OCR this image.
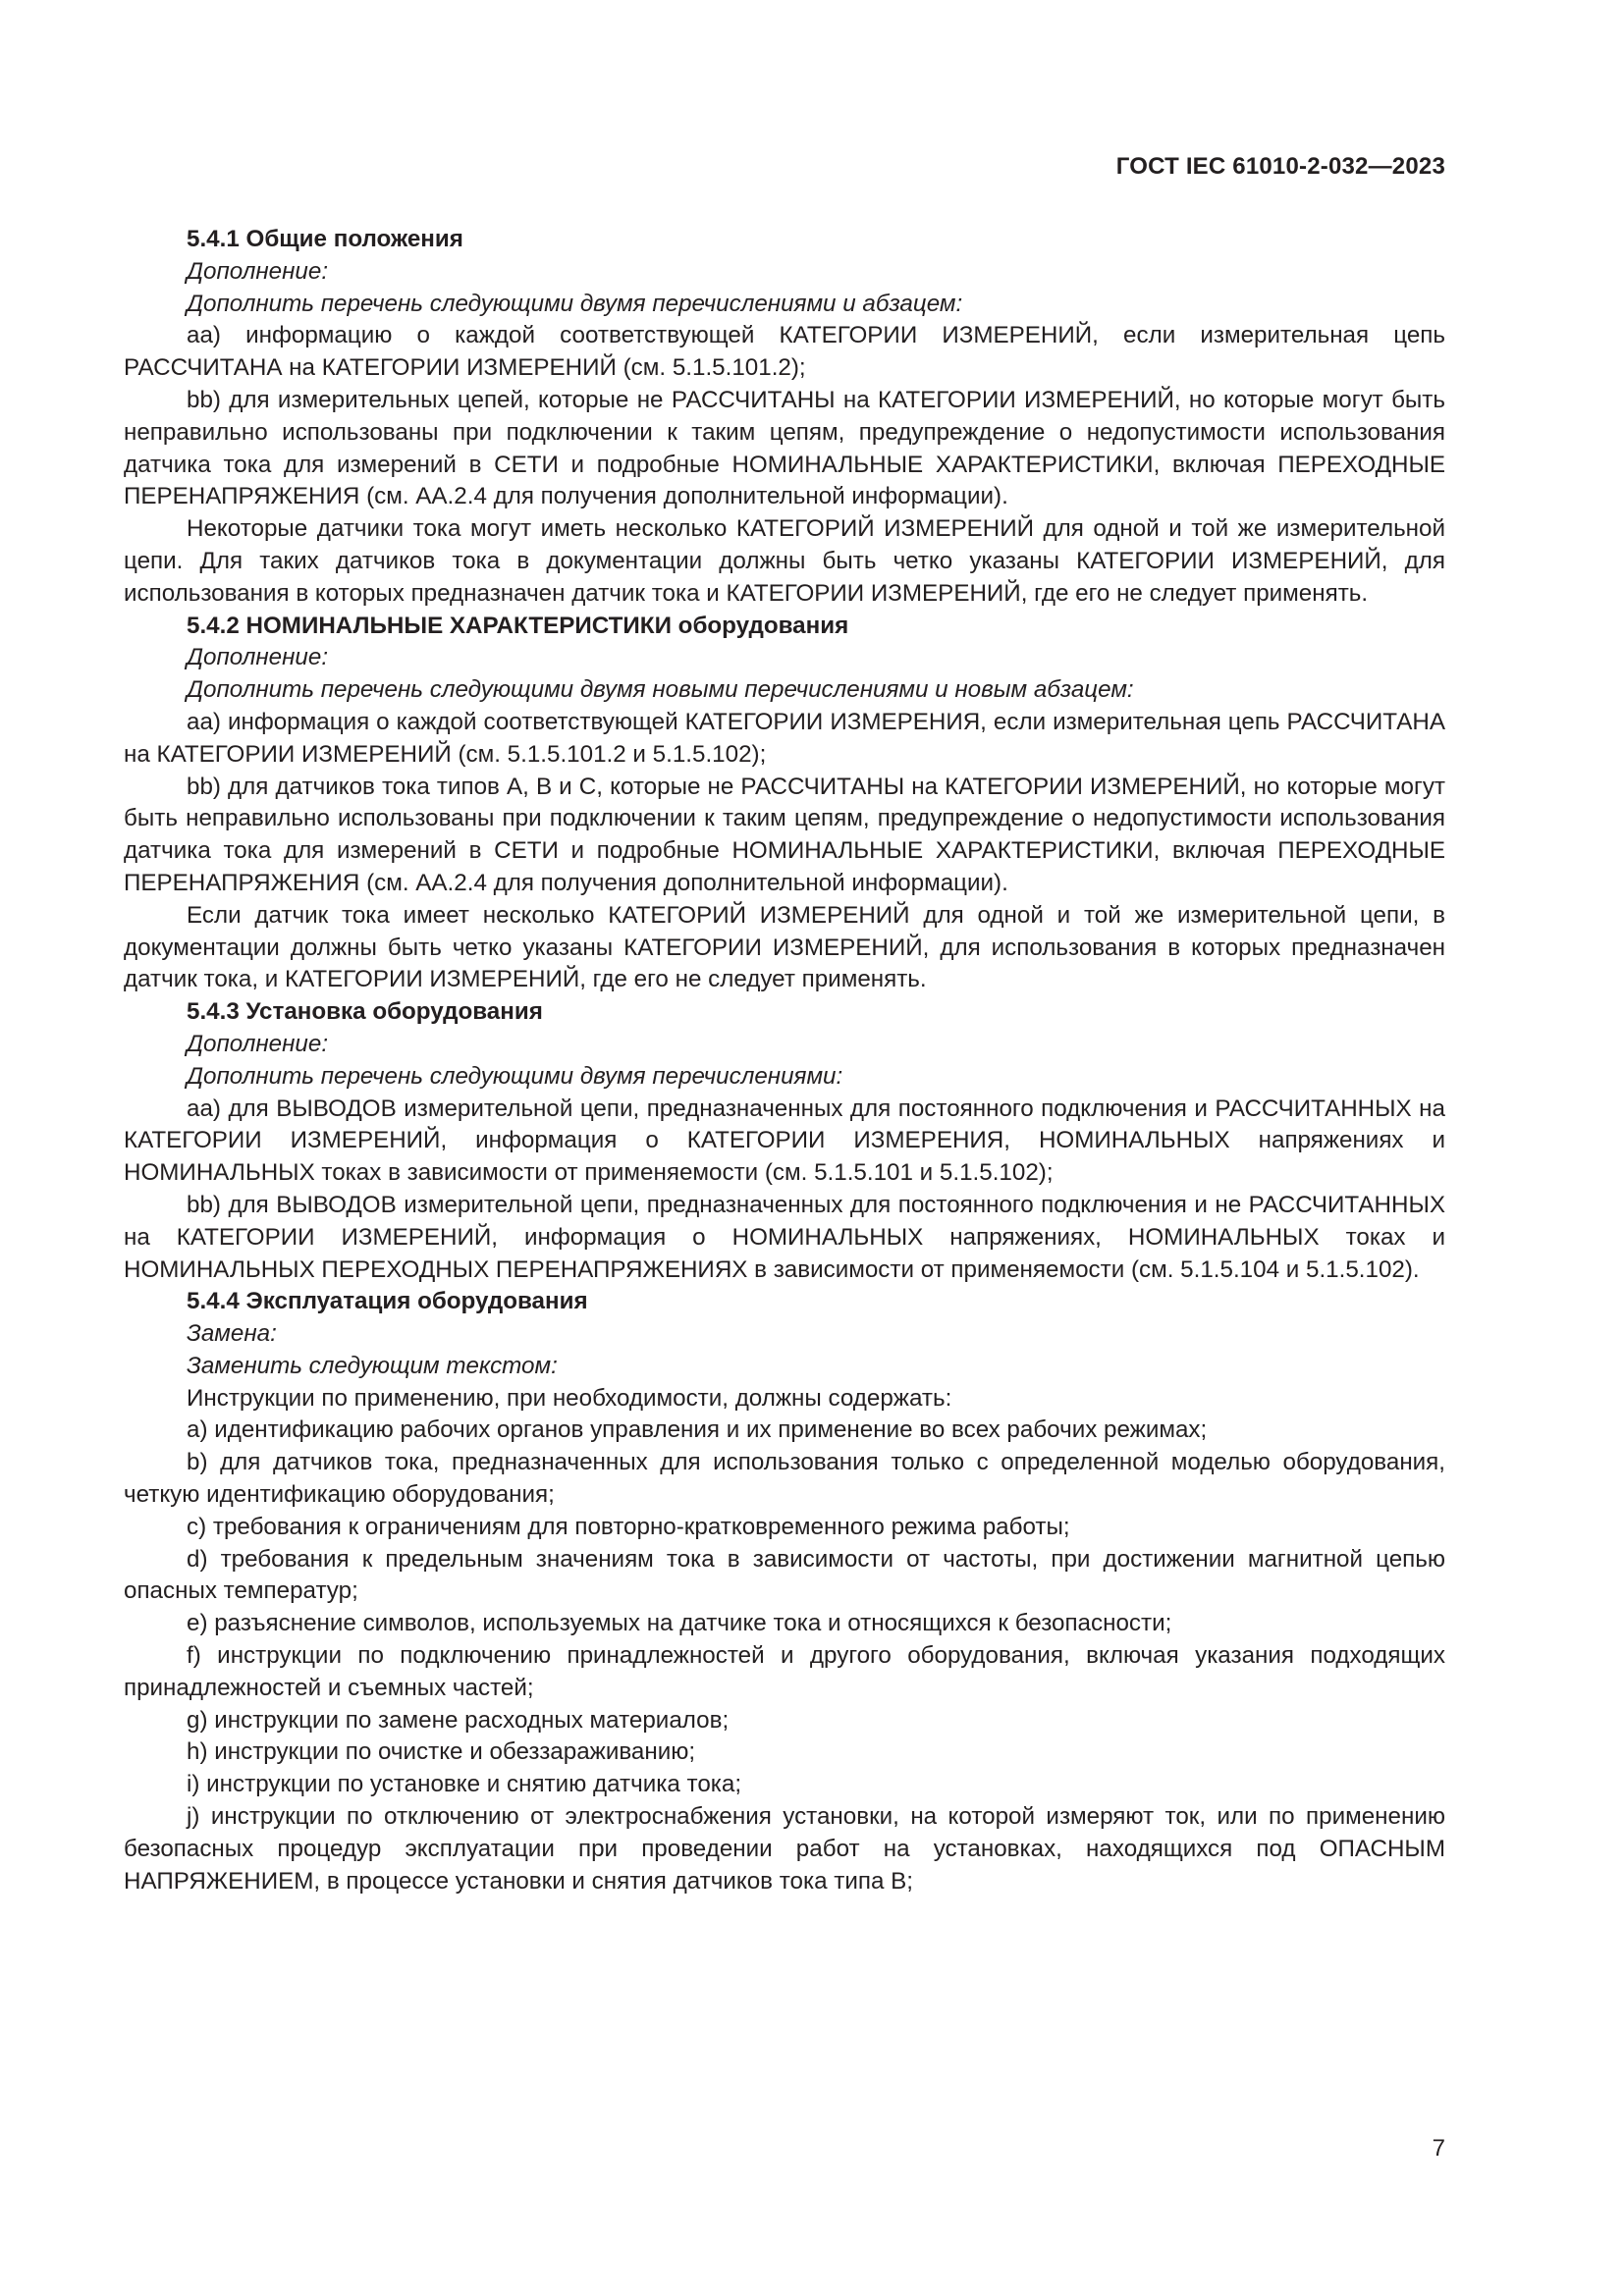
ГОСТ IEC 61010-2-032—2023

5.4.1 Общие положения

Дополнение:

Дополнить перечень следующими двумя перечислениями и абзацем:

аа) информацию о каждой соответствующей КАТЕГОРИИ ИЗМЕРЕНИЙ, если измерительная цепь РАССЧИТАНА на КАТЕГОРИИ ИЗМЕРЕНИЙ (см. 5.1.5.101.2);

bb) для измерительных цепей, которые не РАССЧИТАНЫ на КАТЕГОРИИ ИЗМЕРЕНИЙ, но которые могут быть неправильно использованы при подключении к таким цепям, предупреждение о недопустимости использования датчика тока для измерений в СЕТИ и подробные НОМИНАЛЬНЫЕ ХАРАКТЕРИСТИКИ, включая ПЕРЕХОДНЫЕ ПЕРЕНАПРЯЖЕНИЯ (см. АА.2.4 для получения дополнительной информации).

Некоторые датчики тока могут иметь несколько КАТЕГОРИЙ ИЗМЕРЕНИЙ для одной и той же измерительной цепи. Для таких датчиков тока в документации должны быть четко указаны КАТЕГОРИИ ИЗМЕРЕНИЙ, для использования в которых предназначен датчик тока и КАТЕГОРИИ ИЗМЕРЕНИЙ, где его не следует применять.

5.4.2 НОМИНАЛЬНЫЕ ХАРАКТЕРИСТИКИ оборудования

Дополнение:

Дополнить перечень следующими двумя новыми перечислениями и новым абзацем:

аа) информация о каждой соответствующей КАТЕГОРИИ ИЗМЕРЕНИЯ, если измерительная цепь РАССЧИТАНА на КАТЕГОРИИ ИЗМЕРЕНИЙ (см. 5.1.5.101.2 и 5.1.5.102);

bb) для датчиков тока типов А, В и С, которые не РАССЧИТАНЫ на КАТЕГОРИИ ИЗМЕРЕНИЙ, но которые могут быть неправильно использованы при подключении к таким цепям, предупреждение о недопустимости использования датчика тока для измерений в СЕТИ и подробные НОМИНАЛЬНЫЕ ХАРАКТЕРИСТИКИ, включая ПЕРЕХОДНЫЕ ПЕРЕНАПРЯЖЕНИЯ (см. АА.2.4 для получения дополнительной информации).

Если датчик тока имеет несколько КАТЕГОРИЙ ИЗМЕРЕНИЙ для одной и той же измерительной цепи, в документации должны быть четко указаны КАТЕГОРИИ ИЗМЕРЕНИЙ, для использования в которых предназначен датчик тока, и КАТЕГОРИИ ИЗМЕРЕНИЙ, где его не следует применять.

5.4.3 Установка оборудования

Дополнение:

Дополнить перечень следующими двумя перечислениями:

аа) для ВЫВОДОВ измерительной цепи, предназначенных для постоянного подключения и РАССЧИТАННЫХ на КАТЕГОРИИ ИЗМЕРЕНИЙ, информация о КАТЕГОРИИ ИЗМЕРЕНИЯ, НОМИНАЛЬНЫХ напряжениях и НОМИНАЛЬНЫХ токах в зависимости от применяемости (см. 5.1.5.101 и 5.1.5.102);

bb) для ВЫВОДОВ измерительной цепи, предназначенных для постоянного подключения и не РАССЧИТАННЫХ на КАТЕГОРИИ ИЗМЕРЕНИЙ, информация о НОМИНАЛЬНЫХ напряжениях, НОМИНАЛЬНЫХ токах и НОМИНАЛЬНЫХ ПЕРЕХОДНЫХ ПЕРЕНАПРЯЖЕНИЯХ в зависимости от применяемости (см. 5.1.5.104 и 5.1.5.102).

5.4.4 Эксплуатация оборудования

Замена:

Заменить следующим текстом:

Инструкции по применению, при необходимости, должны содержать:

а) идентификацию рабочих органов управления и их применение во всех рабочих режимах;

b) для датчиков тока, предназначенных для использования только с определенной моделью оборудования, четкую идентификацию оборудования;

с) требования к ограничениям для повторно-кратковременного режима работы;

d) требования к предельным значениям тока в зависимости от частоты, при достижении магнитной цепью опасных температур;

е) разъяснение символов, используемых на датчике тока и относящихся к безопасности;

f) инструкции по подключению принадлежностей и другого оборудования, включая указания подходящих принадлежностей и съемных частей;

g) инструкции по замене расходных материалов;

h) инструкции по очистке и обеззараживанию;

i) инструкции по установке и снятию датчика тока;

j) инструкции по отключению от электроснабжения установки, на которой измеряют ток, или по применению безопасных процедур эксплуатации при проведении работ на установках, находящихся под ОПАСНЫМ НАПРЯЖЕНИЕМ, в процессе установки и снятия датчиков тока типа В;

7
